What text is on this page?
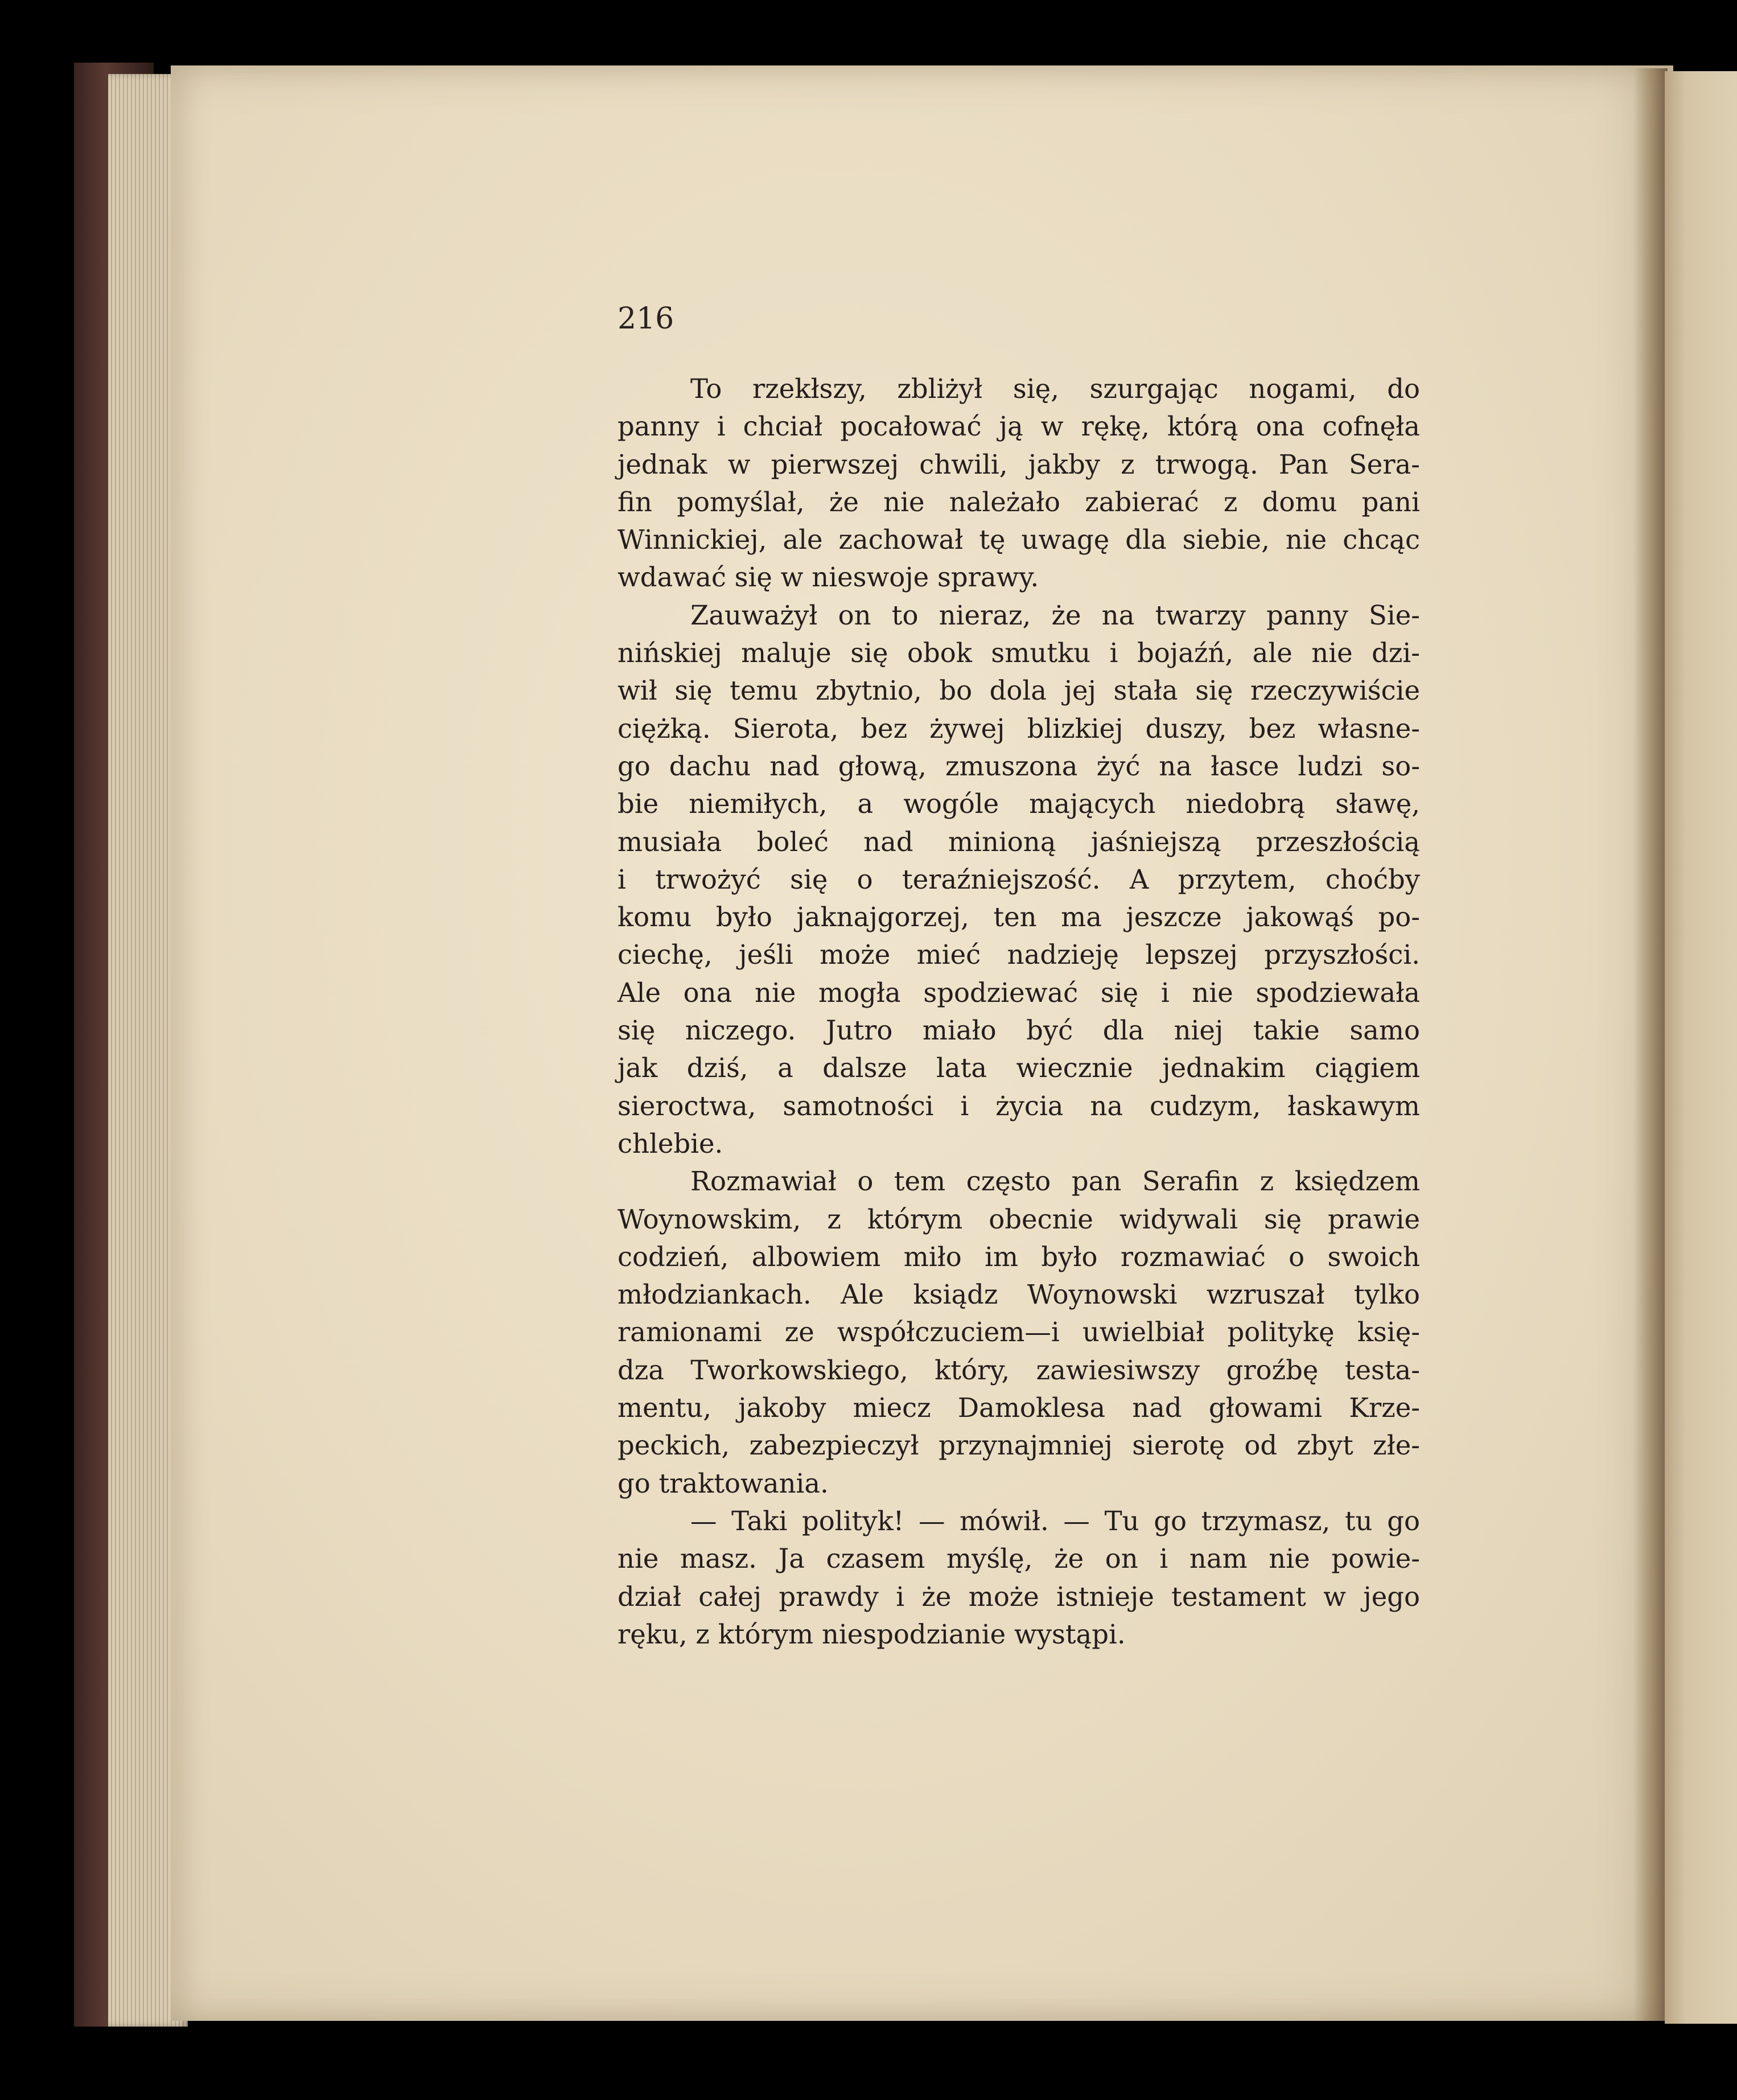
216

To rzekłszy, zbliżył się, szurgając nogami, do
panny i chciał pocałować ją w rękę, którą ona cofnęła
jednak w pierwszej chwili, jakby z trwogą. Pan Sera-
fin pomyślał, że nie należało zabierać z domu pani
Winnickiej, ale zachował tę uwagę dla siebie, nie chcąc
wdawać się w nieswoje sprawy.
Zauważył on to nieraz, że na twarzy panny Sie-
nińskiej maluje się obok smutku i bojaźń, ale nie dzi-
wił się temu zbytnio, bo dola jej stała się rzeczywiście
ciężką. Sierota, bez żywej blizkiej duszy, bez własne-
go dachu nad głową, zmuszona żyć na łasce ludzi so-
bie niemiłych, a wogóle mających niedobrą sławę,
musiała boleć nad minioną jaśniejszą przeszłością
i trwożyć się o teraźniejszość. A przytem, choćby
komu było jaknajgorzej, ten ma jeszcze jakowąś po-
ciechę, jeśli może mieć nadzieję lepszej przyszłości.
Ale ona nie mogła spodziewać się i nie spodziewała
się niczego. Jutro miało być dla niej takie samo
jak dziś, a dalsze lata wiecznie jednakim ciągiem
sieroctwa, samotności i życia na cudzym, łaskawym
chlebie.
Rozmawiał o tem często pan Serafin z księdzem
Woynowskim, z którym obecnie widywali się prawie
codzień, albowiem miło im było rozmawiać o swoich
młodziankach. Ale ksiądz Woynowski wzruszał tylko
ramionami ze współczuciem—i uwielbiał politykę księ-
dza Tworkowskiego, który, zawiesiwszy groźbę testa-
mentu, jakoby miecz Damoklesa nad głowami Krze-
peckich, zabezpieczył przynajmniej sierotę od zbyt złe-
go traktowania.
— Taki polityk! — mówił. — Tu go trzymasz, tu go
nie masz. Ja czasem myślę, że on i nam nie powie-
dział całej prawdy i że może istnieje testament w jego
ręku, z którym niespodzianie wystąpi.
